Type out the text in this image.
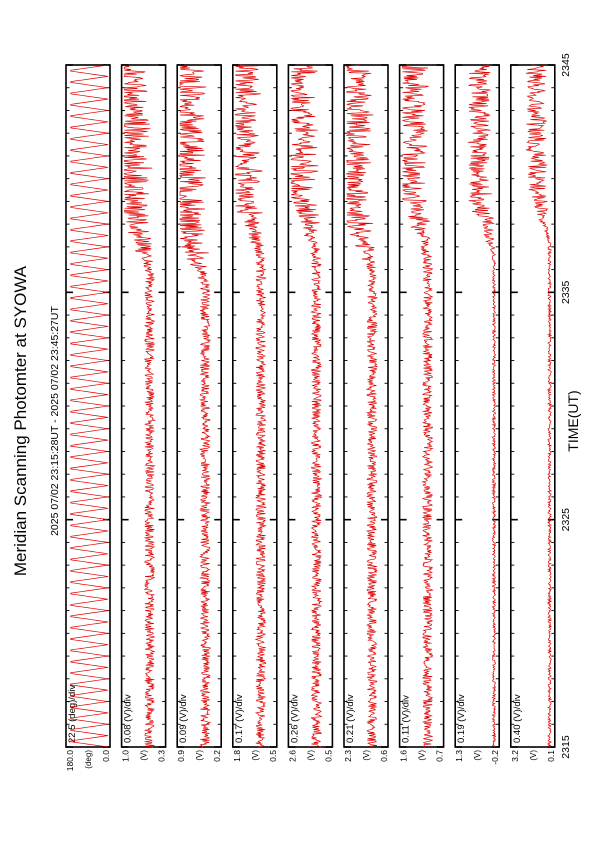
Meridian Scanning Photomter at SYOWA 2025 07/02 23:15:28UT - 2025 07/02 23:45:27UT	TIME(UT)
22.5 (deg)/div
180.0	0.0
(deg)
0.08 (V)/div
1.0	0.3
(V)
0.09 (V)/div
0.9	0.2
(V)
0.17 (V)/div
1.8	0.5
(V)
0.26 (V)/div
2.6	0.5
(V)
0.21 (V)/div
2.3	0.6
(V)
0.11 (V)/div
1.6	0.7
(V)
0.19 (V)/div
1.3	-0.2
(V)
0.40 (V)/div
3.2	0.1
(V) 2315
2325
2335
2345
